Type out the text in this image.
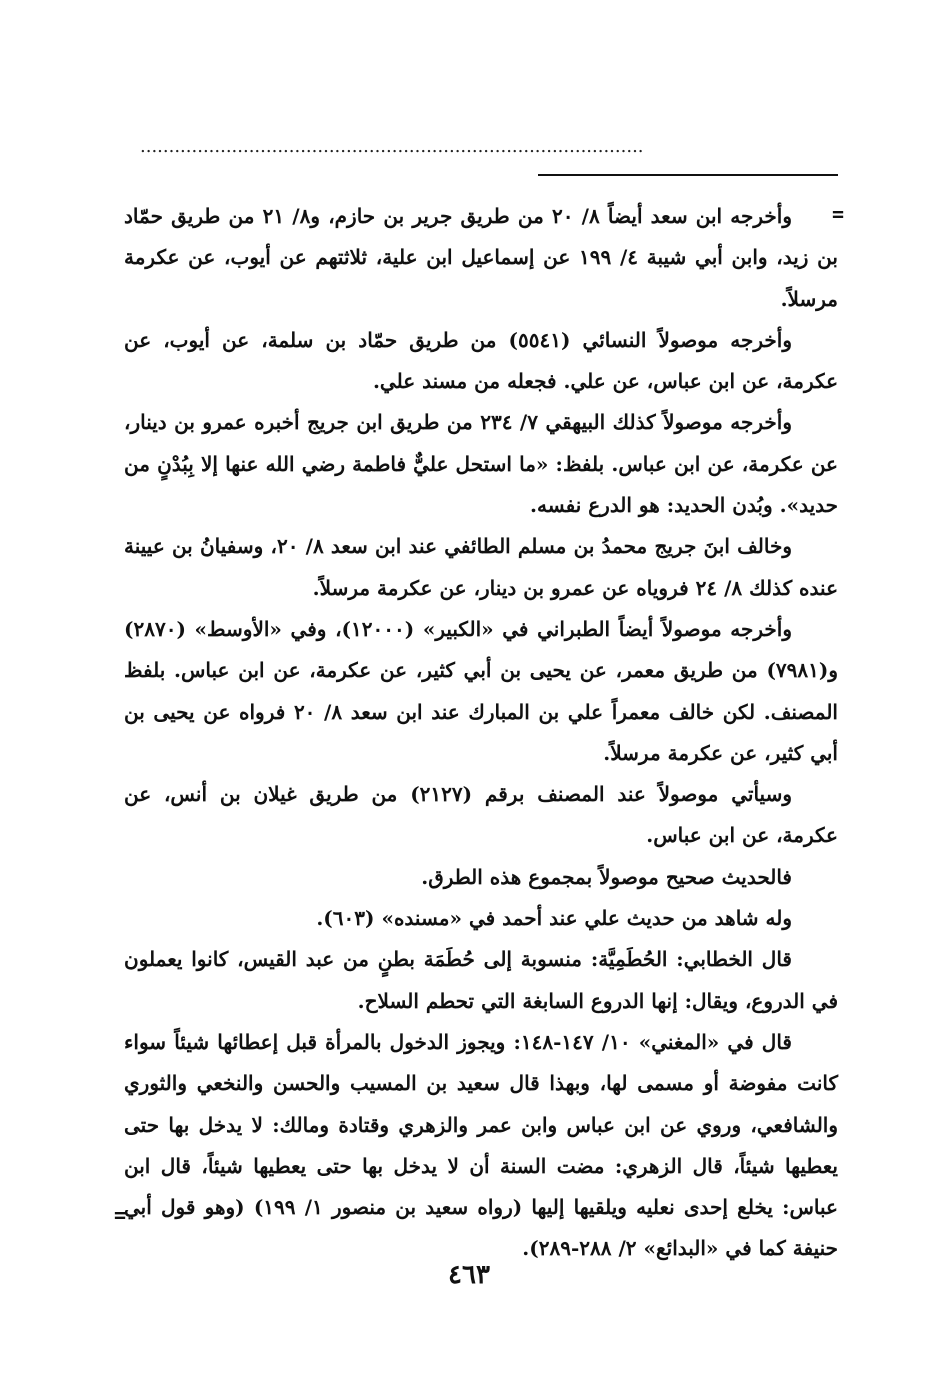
........................................................................................
=

وأخرجه ابن سعد أيضاً ٨/ ٢٠ من طريق جرير بن حازم، و٨/ ٢١ من طريق حمّاد بن زيد، وابن أبي شيبة ٤/ ١٩٩ عن إسماعيل ابن علية، ثلاثتهم عن أيوب، عن عكرمة مرسلاً.

وأخرجه موصولاً النسائي (٥٥٤١) من طريق حمّاد بن سلمة، عن أيوب، عن عكرمة، عن ابن عباس، عن علي. فجعله من مسند علي.

وأخرجه موصولاً كذلك البيهقي ٧/ ٢٣٤ من طريق ابن جريج أخبره عمرو بن دينار، عن عكرمة، عن ابن عباس. بلفظ: «ما استحل عليٌّ فاطمة رضي الله عنها إلا بِبُدْنٍ من حديد». وبُدن الحديد: هو الدرع نفسه.

وخالف ابنَ جريج محمدُ بن مسلم الطائفي عند ابن سعد ٨/ ٢٠، وسفيانُ بن عيينة عنده كذلك ٨/ ٢٤ فروياه عن عمرو بن دينار، عن عكرمة مرسلاً.

وأخرجه موصولاً أيضاً الطبراني في «الكبير» (١٢٠٠٠)، وفي «الأوسط» (٢٨٧٠) و(٧٩٨١) من طريق معمر، عن يحيى بن أبي كثير، عن عكرمة، عن ابن عباس. بلفظ المصنف. لكن خالف معمراً علي بن المبارك عند ابن سعد ٨/ ٢٠ فرواه عن يحيى بن أبي كثير، عن عكرمة مرسلاً.

وسيأتي موصولاً عند المصنف برقم (٢١٢٧) من طريق غيلان بن أنس، عن عكرمة، عن ابن عباس.

فالحديث صحيح موصولاً بمجموع هذه الطرق.

وله شاهد من حديث علي عند أحمد في «مسنده» (٦٠٣).

قال الخطابي: الحُطَمِيَّة: منسوبة إلى حُطَمَة بطنٍ من عبد القيس، كانوا يعملون في الدروع، ويقال: إنها الدروع السابغة التي تحطم السلاح.

قال في «المغني» ١٠/ ١٤٧-١٤٨: ويجوز الدخول بالمرأة قبل إعطائها شيئاً سواء كانت مفوضة أو مسمى لها، وبهذا قال سعيد بن المسيب والحسن والنخعي والثوري والشافعي، وروي عن ابن عباس وابن عمر والزهري وقتادة ومالك: لا يدخل بها حتى يعطيها شيئاً، قال الزهري: مضت السنة أن لا يدخل بها حتى يعطيها شيئاً، قال ابن عباس: يخلع إحدى نعليه ويلقيها إليها (رواه سعيد بن منصور ١/ ١٩٩) (وهو قول أبي حنيفة كما في «البدائع» ٢/ ٢٨٨-٢٨٩).

=
٤٦٣
